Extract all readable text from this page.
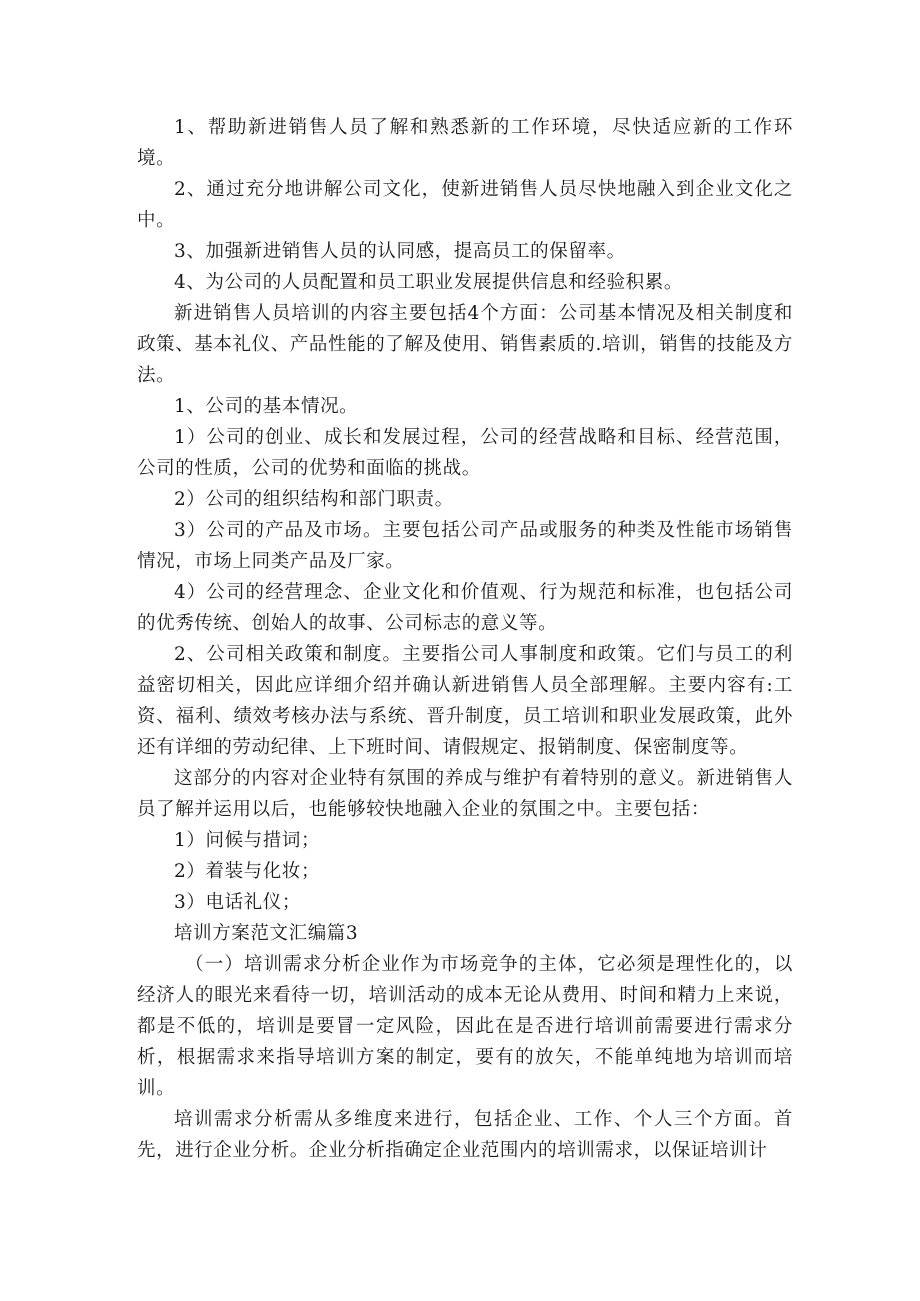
1、帮助新进销售人员了解和熟悉新的工作环境，尽快适应新的工作环境。

2、通过充分地讲解公司文化，使新进销售人员尽快地融入到企业文化之中。

3、加强新进销售人员的认同感，提高员工的保留率。

4、为公司的人员配置和员工职业发展提供信息和经验积累。

新进销售人员培训的内容主要包括4个方面：公司基本情况及相关制度和政策、基本礼仪、产品性能的了解及使用、销售素质的.培训，销售的技能及方法。

1、公司的基本情况。

1）公司的创业、成长和发展过程，公司的经营战略和目标、经营范围，公司的性质，公司的优势和面临的挑战。

2）公司的组织结构和部门职责。

3）公司的产品及市场。主要包括公司产品或服务的种类及性能市场销售情况，市场上同类产品及厂家。

4）公司的经营理念、企业文化和价值观、行为规范和标准，也包括公司的优秀传统、创始人的故事、公司标志的意义等。

2、公司相关政策和制度。主要指公司人事制度和政策。它们与员工的利益密切相关，因此应详细介绍并确认新进销售人员全部理解。主要内容有:工资、福利、绩效考核办法与系统、晋升制度，员工培训和职业发展政策，此外还有详细的劳动纪律、上下班时间、请假规定、报销制度、保密制度等。

这部分的内容对企业特有氛围的养成与维护有着特别的意义。新进销售人员了解并运用以后，也能够较快地融入企业的氛围之中。主要包括：

1）问候与措词；

2）着装与化妆；

3）电话礼仪；

培训方案范文汇编篇3

（一）培训需求分析企业作为市场竞争的主体，它必须是理性化的，以经济人的眼光来看待一切，培训活动的成本无论从费用、时间和精力上来说，都是不低的，培训是要冒一定风险，因此在是否进行培训前需要进行需求分析，根据需求来指导培训方案的制定，要有的放矢，不能单纯地为培训而培训。

培训需求分析需从多维度来进行，包括企业、工作、个人三个方面。首先，进行企业分析。企业分析指确定企业范围内的培训需求，以保证培训计
